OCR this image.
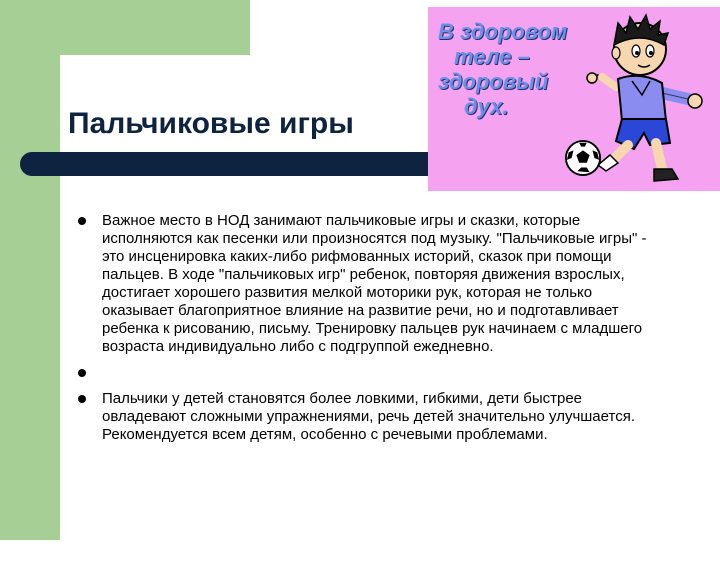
Пальчиковые игры

В здоровом
теле –
здоровый
дух.

Важное место в НОД занимают пальчиковые игры и сказки, которые исполняются как песенки или произносятся под музыку. "Пальчиковые игры" - это инсценировка каких-либо рифмованных историй, сказок при помощи пальцев. В ходе "пальчиковых игр" ребенок, повторяя движения взрослых, достигает хорошего развития мелкой моторики рук, которая не только оказывает благоприятное влияние на развитие речи, но и подготавливает ребенка к рисованию, письму. Тренировку пальцев рук начинаем с младшего возраста индивидуально либо с подгруппой ежедневно.
Пальчики у детей становятся более ловкими, гибкими, дети быстрее овладевают сложными упражнениями, речь детей значительно улучшается. Рекомендуется всем детям, особенно с речевыми проблемами.
